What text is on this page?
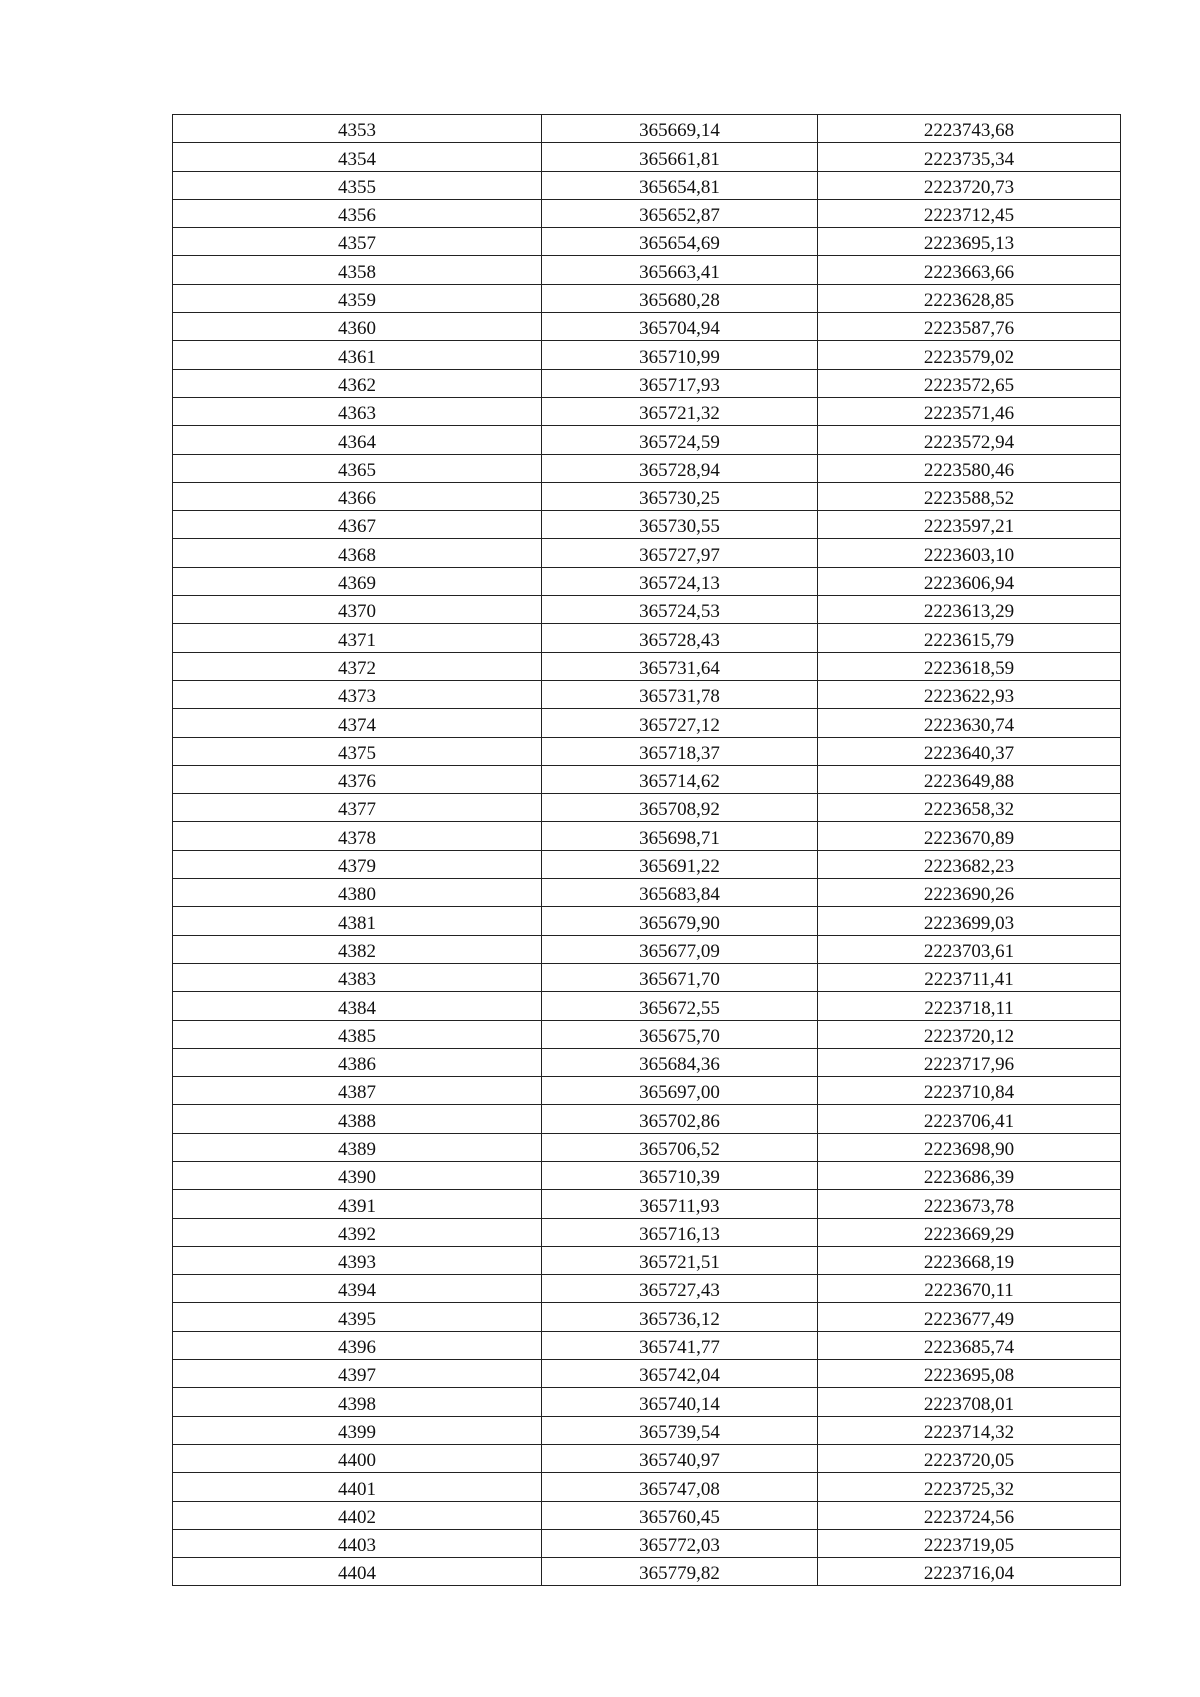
4353	365669,14	2223743,68
4354	365661,81	2223735,34
4355	365654,81	2223720,73
4356	365652,87	2223712,45
4357	365654,69	2223695,13
4358	365663,41	2223663,66
4359	365680,28	2223628,85
4360	365704,94	2223587,76
4361	365710,99	2223579,02
4362	365717,93	2223572,65
4363	365721,32	2223571,46
4364	365724,59	2223572,94
4365	365728,94	2223580,46
4366	365730,25	2223588,52
4367	365730,55	2223597,21
4368	365727,97	2223603,10
4369	365724,13	2223606,94
4370	365724,53	2223613,29
4371	365728,43	2223615,79
4372	365731,64	2223618,59
4373	365731,78	2223622,93
4374	365727,12	2223630,74
4375	365718,37	2223640,37
4376	365714,62	2223649,88
4377	365708,92	2223658,32
4378	365698,71	2223670,89
4379	365691,22	2223682,23
4380	365683,84	2223690,26
4381	365679,90	2223699,03
4382	365677,09	2223703,61
4383	365671,70	2223711,41
4384	365672,55	2223718,11
4385	365675,70	2223720,12
4386	365684,36	2223717,96
4387	365697,00	2223710,84
4388	365702,86	2223706,41
4389	365706,52	2223698,90
4390	365710,39	2223686,39
4391	365711,93	2223673,78
4392	365716,13	2223669,29
4393	365721,51	2223668,19
4394	365727,43	2223670,11
4395	365736,12	2223677,49
4396	365741,77	2223685,74
4397	365742,04	2223695,08
4398	365740,14	2223708,01
4399	365739,54	2223714,32
4400	365740,97	2223720,05
4401	365747,08	2223725,32
4402	365760,45	2223724,56
4403	365772,03	2223719,05
4404	365779,82	2223716,04
